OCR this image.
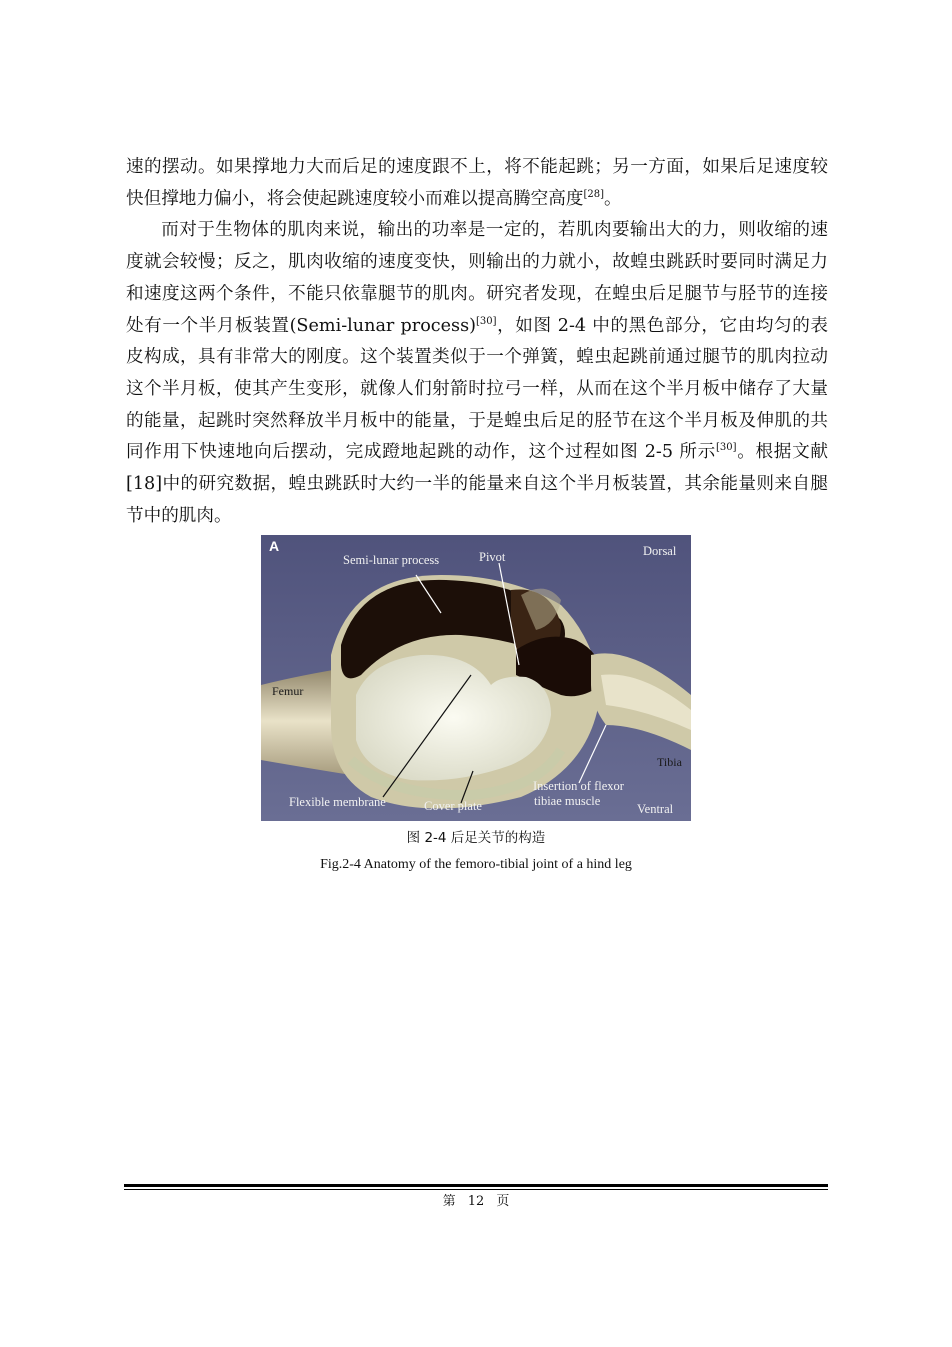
速的摆动。如果撑地力大而后足的速度跟不上，将不能起跳；另一方面，如果后足速度较快但撑地力偏小，将会使起跳速度较小而难以提高腾空高度[28]。

而对于生物体的肌肉来说，输出的功率是一定的，若肌肉要输出大的力，则收缩的速度就会较慢；反之，肌肉收缩的速度变快，则输出的力就小，故蝗虫跳跃时要同时满足力和速度这两个条件，不能只依靠腿节的肌肉。研究者发现，在蝗虫后足腿节与胫节的连接处有一个半月板装置(Semi-lunar process)[30]，如图 2-4 中的黑色部分，它由均匀的表皮构成，具有非常大的刚度。这个装置类似于一个弹簧，蝗虫起跳前通过腿节的肌肉拉动这个半月板，使其产生变形，就像人们射箭时拉弓一样，从而在这个半月板中储存了大量的能量，起跳时突然释放半月板中的能量，于是蝗虫后足的胫节在这个半月板及伸肌的共同作用下快速地向后摆动，完成蹬地起跳的动作，这个过程如图 2-5 所示[30]。根据文献[18]中的研究数据，蝗虫跳跃时大约一半的能量来自这个半月板装置，其余能量则来自腿节中的肌肉。

A
Semi-lunar process	Pivot	Dorsal
Femur
Tibia
Insertion of flexor
tibiae muscle
Flexible membrane	Cover plate	Ventral
图 2-4 后足关节的构造
Fig.2-4 Anatomy of the femoro-tibial joint of a hind leg
第 12 页
